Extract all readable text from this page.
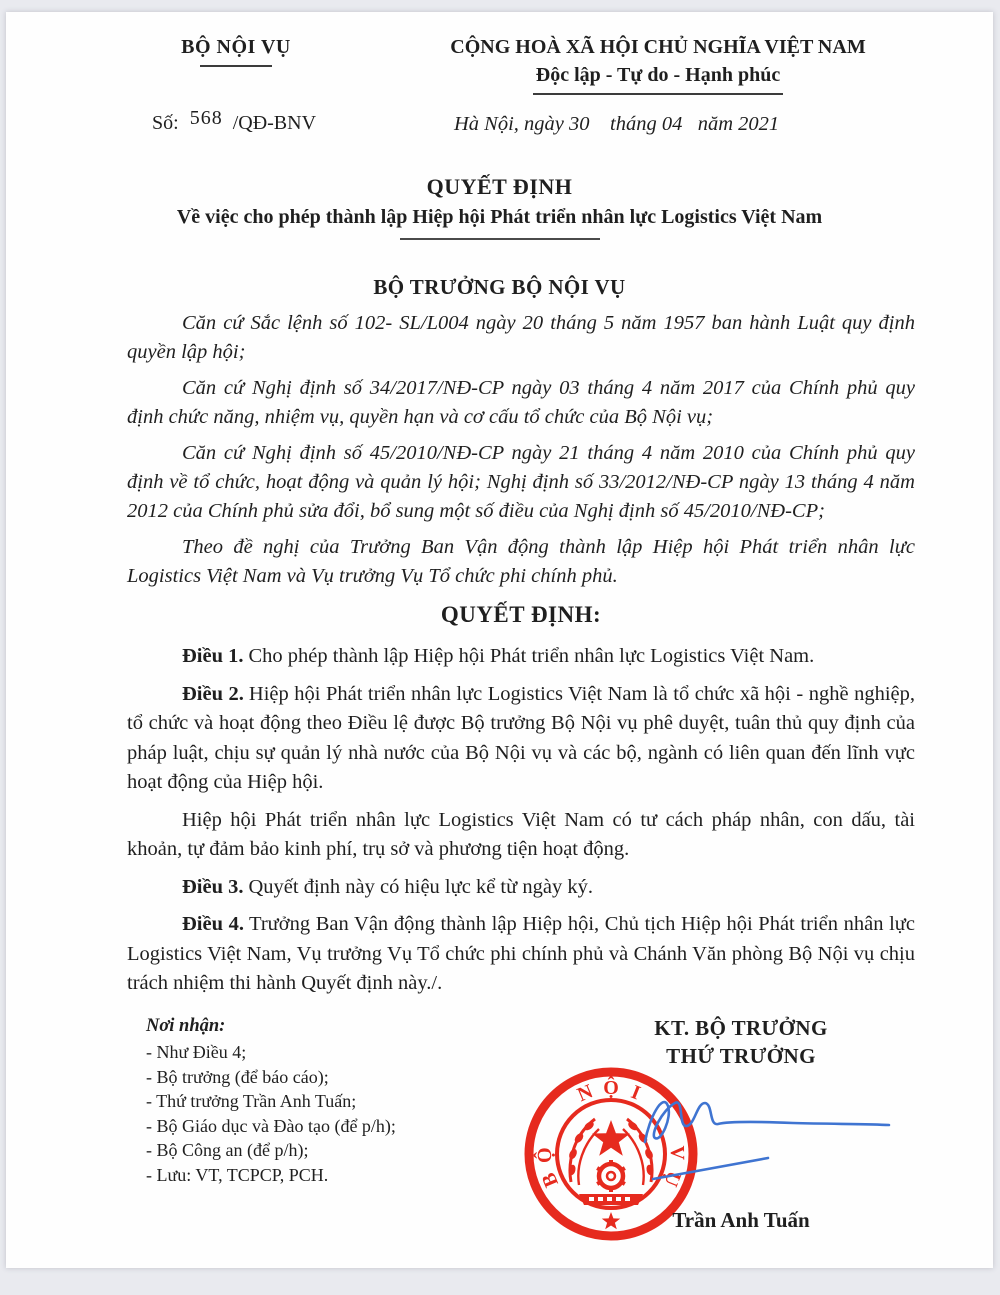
BỘ NỘI VỤ	CỘNG HOÀ XÃ HỘI CHỦ NGHĨA VIỆT NAM
Độc lập - Tự do - Hạnh phúc
Số: 568 /QĐ-BNV	Hà Nội, ngày 30    tháng 04   năm 2021
QUYẾT ĐỊNH
Về việc cho phép thành lập Hiệp hội Phát triển nhân lực Logistics Việt Nam
BỘ TRƯỞNG BỘ NỘI VỤ

Căn cứ Sắc lệnh số 102- SL/L004 ngày 20 tháng 5 năm 1957 ban hành Luật quy định quyền lập hội;

Căn cứ Nghị định số 34/2017/NĐ-CP ngày 03 tháng 4 năm 2017 của Chính phủ quy định chức năng, nhiệm vụ, quyền hạn và cơ cấu tổ chức của Bộ Nội vụ;

Căn cứ Nghị định số 45/2010/NĐ-CP ngày 21 tháng 4 năm 2010 của Chính phủ quy định về tổ chức, hoạt động và quản lý hội; Nghị định số 33/2012/NĐ-CP ngày 13 tháng 4 năm 2012 của Chính phủ sửa đổi, bổ sung một số điều của Nghị định số 45/2010/NĐ-CP;

Theo đề nghị của Trưởng Ban Vận động thành lập Hiệp hội Phát triển nhân lực Logistics Việt Nam và Vụ trưởng Vụ Tổ chức phi chính phủ.

QUYẾT ĐỊNH:

Điều 1. Cho phép thành lập Hiệp hội Phát triển nhân lực Logistics Việt Nam.

Điều 2. Hiệp hội Phát triển nhân lực Logistics Việt Nam là tổ chức xã hội - nghề nghiệp, tổ chức và hoạt động theo Điều lệ được Bộ trưởng Bộ Nội vụ phê duyệt, tuân thủ quy định của pháp luật, chịu sự quản lý nhà nước của Bộ Nội vụ và các bộ, ngành có liên quan đến lĩnh vực hoạt động của Hiệp hội.

Hiệp hội Phát triển nhân lực Logistics Việt Nam có tư cách pháp nhân, con dấu, tài khoản, tự đảm bảo kinh phí, trụ sở và phương tiện hoạt động.

Điều 3. Quyết định này có hiệu lực kể từ ngày ký.

Điều 4. Trưởng Ban Vận động thành lập Hiệp hội, Chủ tịch Hiệp hội Phát triển nhân lực Logistics Việt Nam, Vụ trưởng Vụ Tổ chức phi chính phủ và Chánh Văn phòng Bộ Nội vụ chịu trách nhiệm thi hành Quyết định này./.

Nơi nhận:
- Như Điều 4;
- Bộ trưởng (để báo cáo);
- Thứ trưởng Trần Anh Tuấn;
- Bộ Giáo dục và Đào tạo (để p/h);
- Bộ Công an (để p/h);
- Lưu: VT, TCPCP, PCH.
KT. BỘ TRƯỞNG
THỨ TRƯỞNG
B
Ộ
N Ộ I
V
Ụ
Trần Anh Tuấn
